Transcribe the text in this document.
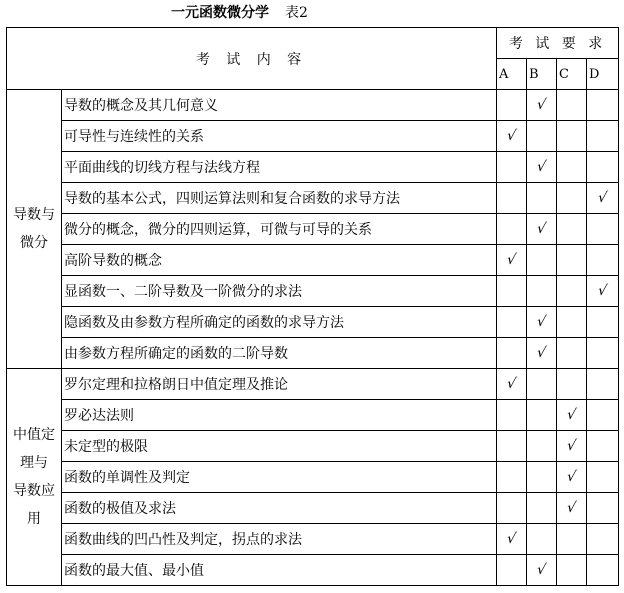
一元函数微分学 表2
考 试 内 容		考 试 要 求			
		A	B	C	D

导数与
微分	导数的概念及其几何意义		√		
	可导性与连续性的关系	√			
	平面曲线的切线方程与法线方程		√		
	导数的基本公式，四则运算法则和复合函数的求导方法				√
	微分的概念，微分的四则运算，可微与可导的关系		√		
	高阶导数的概念	√			
	显函数一、二阶导数及一阶微分的求法				√
	隐函数及由参数方程所确定的函数的求导方法		√		
	由参数方程所确定的函数的二阶导数		√		

中值定
理与
导数应
用	罗尔定理和拉格朗日中值定理及推论	√			
	罗必达法则			√	
	未定型的极限			√	
	函数的单调性及判定			√	
	函数的极值及求法			√	
	函数曲线的凹凸性及判定，拐点的求法	√			
	函数的最大值、最小值		√		
